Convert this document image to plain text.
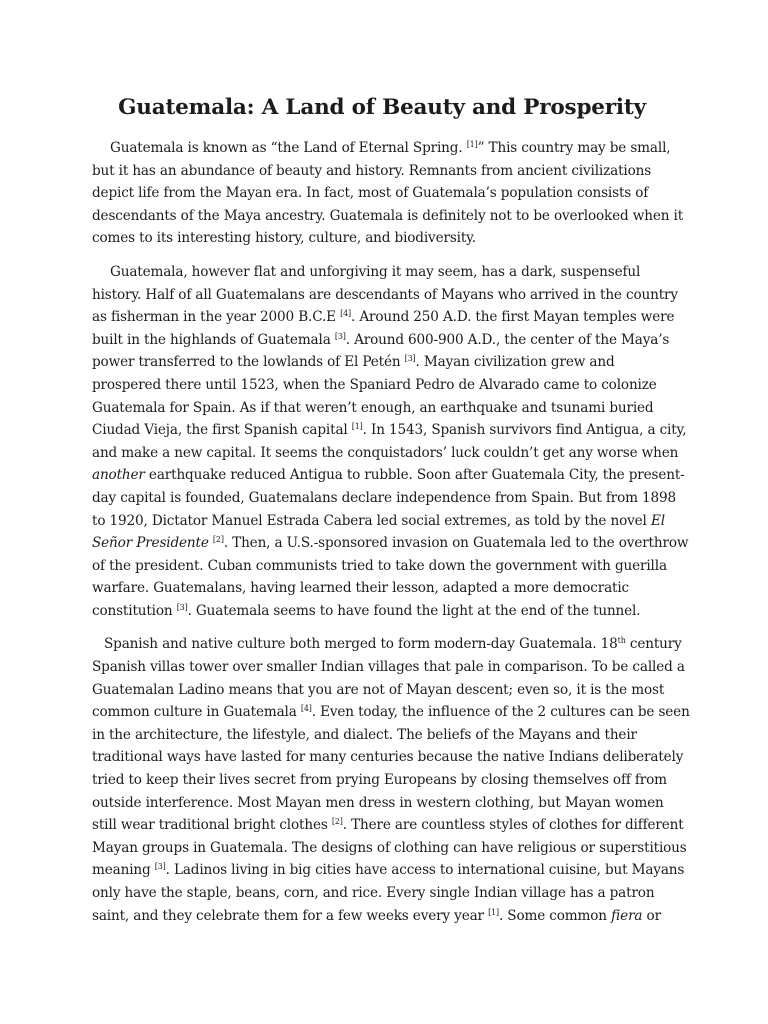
Guatemala: A Land of Beauty and Prosperity
Guatemala is known as “the Land of Eternal Spring. [1]” This country may be small,
but it has an abundance of beauty and history. Remnants from ancient civilizations
depict life from the Mayan era. In fact, most of Guatemala’s population consists of
descendants of the Maya ancestry. Guatemala is definitely not to be overlooked when it
comes to its interesting history, culture, and biodiversity.
Guatemala, however flat and unforgiving it may seem, has a dark, suspenseful
history. Half of all Guatemalans are descendants of Mayans who arrived in the country
as fisherman in the year 2000 B.C.E [4]. Around 250 A.D. the first Mayan temples were
built in the highlands of Guatemala [3]. Around 600-900 A.D., the center of the Maya’s
power transferred to the lowlands of El Petén [3]. Mayan civilization grew and
prospered there until 1523, when the Spaniard Pedro de Alvarado came to colonize
Guatemala for Spain. As if that weren’t enough, an earthquake and tsunami buried
Ciudad Vieja, the first Spanish capital [1]. In 1543, Spanish survivors find Antigua, a city,
and make a new capital. It seems the conquistadors’ luck couldn’t get any worse when
another earthquake reduced Antigua to rubble. Soon after Guatemala City, the present-
day capital is founded, Guatemalans declare independence from Spain. But from 1898
to 1920, Dictator Manuel Estrada Cabera led social extremes, as told by the novel El
Señor Presidente [2]. Then, a U.S.-sponsored invasion on Guatemala led to the overthrow
of the president. Cuban communists tried to take down the government with guerilla
warfare. Guatemalans, having learned their lesson, adapted a more democratic
constitution [3]. Guatemala seems to have found the light at the end of the tunnel.
Spanish and native culture both merged to form modern-day Guatemala. 18th century
Spanish villas tower over smaller Indian villages that pale in comparison. To be called a
Guatemalan Ladino means that you are not of Mayan descent; even so, it is the most
common culture in Guatemala [4]. Even today, the influence of the 2 cultures can be seen
in the architecture, the lifestyle, and dialect. The beliefs of the Mayans and their
traditional ways have lasted for many centuries because the native Indians deliberately
tried to keep their lives secret from prying Europeans by closing themselves off from
outside interference. Most Mayan men dress in western clothing, but Mayan women
still wear traditional bright clothes [2]. There are countless styles of clothes for different
Mayan groups in Guatemala. The designs of clothing can have religious or superstitious
meaning [3]. Ladinos living in big cities have access to international cuisine, but Mayans
only have the staple, beans, corn, and rice. Every single Indian village has a patron
saint, and they celebrate them for a few weeks every year [1]. Some common fiera or
